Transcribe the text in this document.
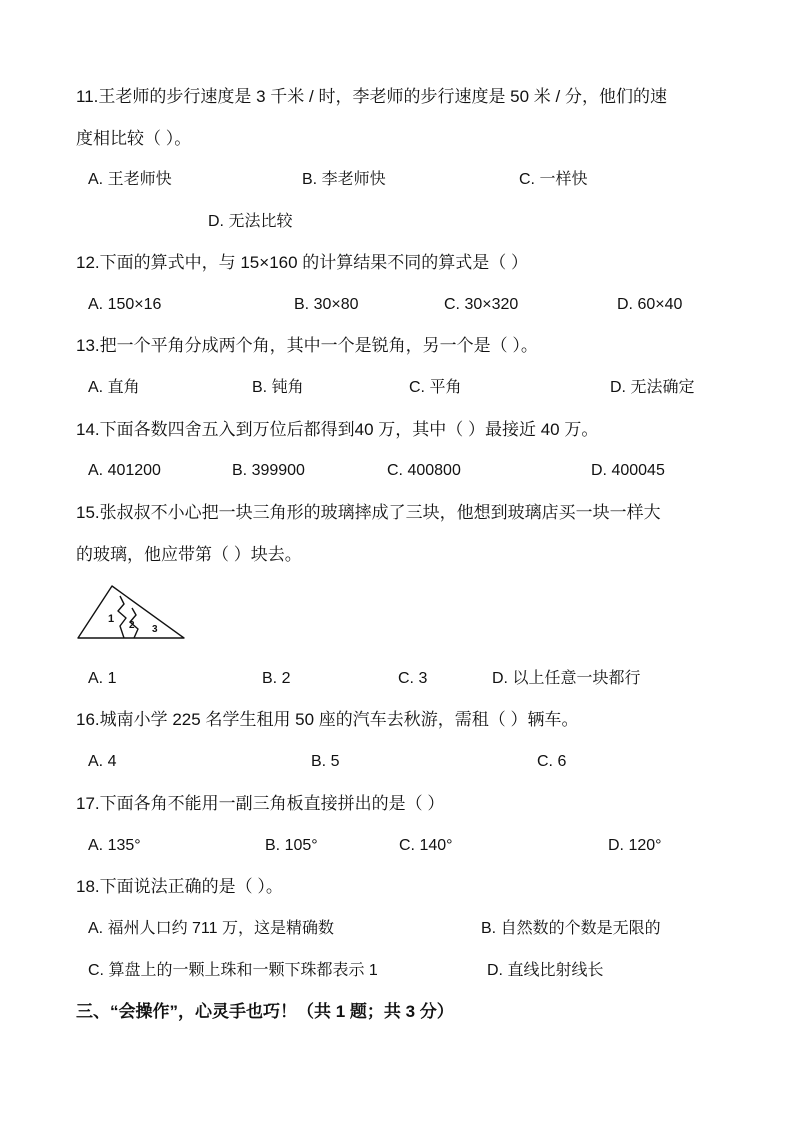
11.王老师的步行速度是 3 千米 / 时，李老师的步行速度是 50 米 / 分，他们的速
度相比较（ ）。
A. 王老师快	B. 李老师快	C. 一样快
D. 无法比较
12.下面的算式中，与 15×160 的计算结果不同的算式是（ ）
A. 150×16	B. 30×80	C. 30×320	D. 60×40
13.把一个平角分成两个角，其中一个是锐角，另一个是（ ）。
A. 直角	B. 钝角	C. 平角	D. 无法确定
14.下面各数四舍五入到万位后都得到40 万，其中（ ）最接近 40 万。
A. 401200	B. 399900	C. 400800	D. 400045
15.张叔叔不小心把一块三角形的玻璃摔成了三块，他想到玻璃店买一块一样大
的玻璃，他应带第（ ）块去。
1
2 3
A. 1	B. 2	C. 3	D. 以上任意一块都行
16.城南小学 225 名学生租用 50 座的汽车去秋游，需租（ ）辆车。
A. 4	B. 5	C. 6
17.下面各角不能用一副三角板直接拼出的是（ ）
A. 135°	B. 105°	C. 140°	D. 120°
18.下面说法正确的是（ ）。
A. 福州人口约 711 万，这是精确数	B. 自然数的个数是无限的
C. 算盘上的一颗上珠和一颗下珠都表示 1	D. 直线比射线长
三、“会操作”，心灵手也巧！（共 1 题；共 3 分）
